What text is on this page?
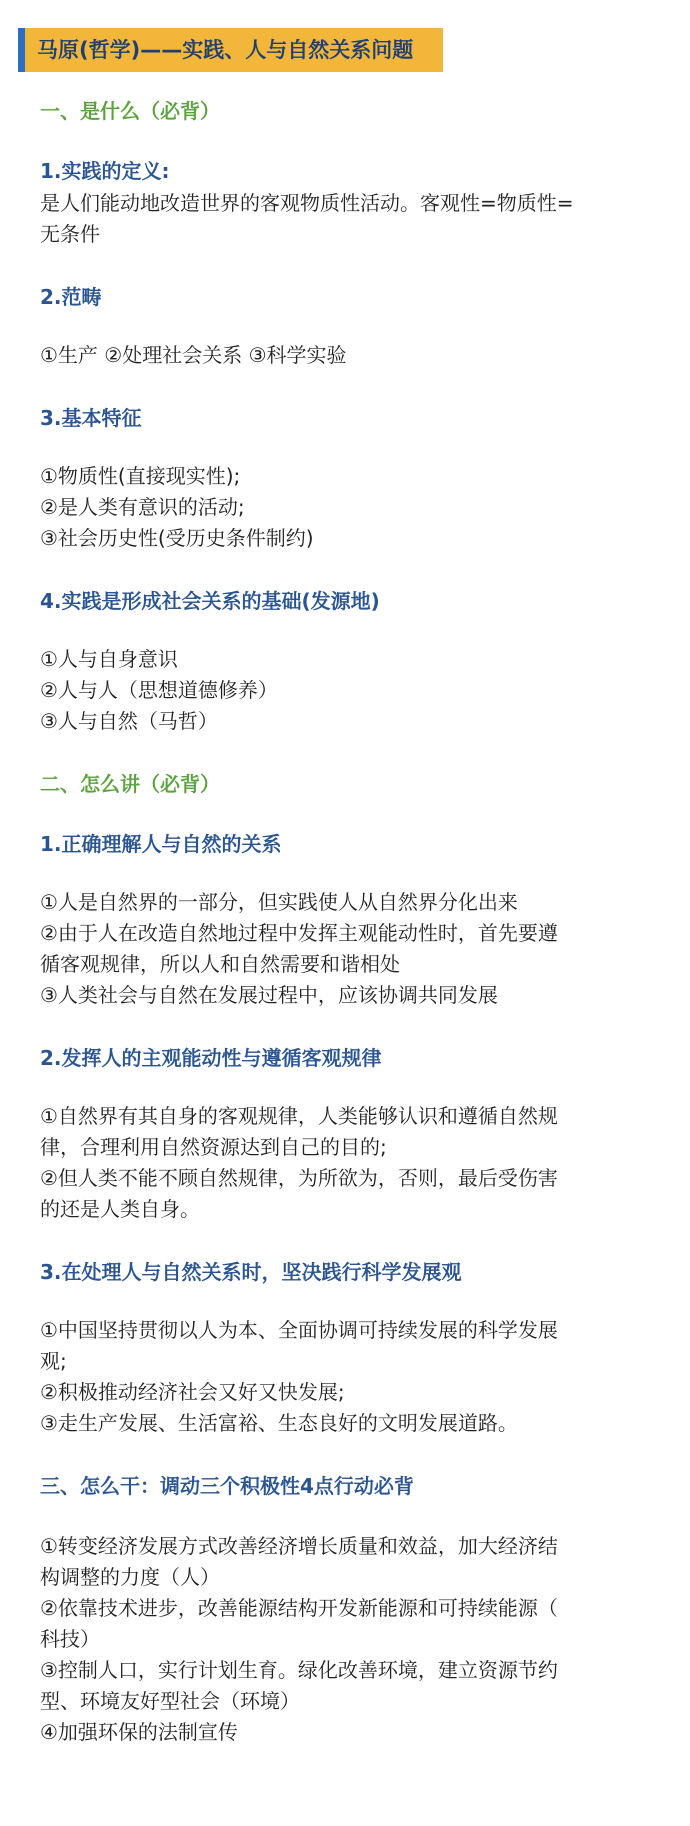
马原(哲学)——实践、人与自然关系问题
一、是什么（必背）
1.实践的定义:
是人们能动地改造世界的客观物质性活动。客观性=物质性=
无条件
2.范畴
①生产 ②处理社会关系 ③科学实验
3.基本特征
①物质性(直接现实性);
②是人类有意识的活动;
③社会历史性(受历史条件制约)
4.实践是形成社会关系的基础(发源地)
①人与自身意识
②人与人（思想道德修养）
③人与自然（马哲）
二、怎么讲（必背）
1.正确理解人与自然的关系
①人是自然界的一部分，但实践使人从自然界分化出来
②由于人在改造自然地过程中发挥主观能动性时，首先要遵
循客观规律，所以人和自然需要和谐相处
③人类社会与自然在发展过程中，应该协调共同发展
2.发挥人的主观能动性与遵循客观规律
①自然界有其自身的客观规律，人类能够认识和遵循自然规
律，合理利用自然资源达到自己的目的;
②但人类不能不顾自然规律，为所欲为，否则，最后受伤害
的还是人类自身。
3.在处理人与自然关系时，坚决践行科学发展观
①中国坚持贯彻以人为本、全面协调可持续发展的科学发展
观;
②积极推动经济社会又好又快发展;
③走生产发展、生活富裕、生态良好的文明发展道路。
三、怎么干：调动三个积极性4点行动必背
①转变经济发展方式改善经济增长质量和效益，加大经济结
构调整的力度（人）
②依靠技术进步，改善能源结构开发新能源和可持续能源（
科技）
③控制人口，实行计划生育。绿化改善环境，建立资源节约
型、环境友好型社会（环境）
④加强环保的法制宣传
